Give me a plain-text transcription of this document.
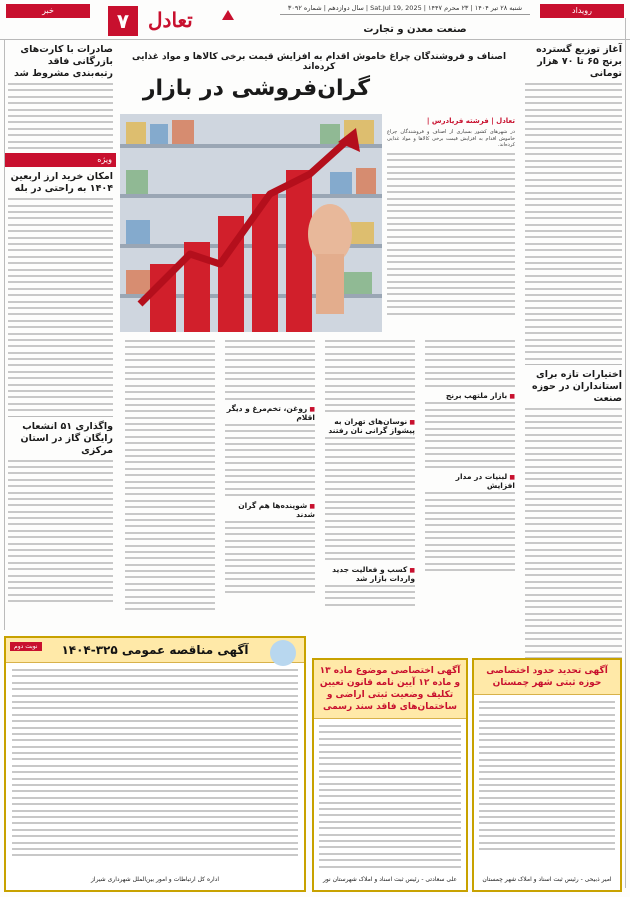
خبر	۷ تعادل	شنبه ۲۸ تیر ۱۴۰۴ | ۲۳ محرم ۱۴۴۷ | Sat.Jul 19, 2025 | سال دوازدهم | شماره ۳۰۹۲
صنعت معدن و تجارت
رویداد
آغاز توزیع گسترده برنج ۶۵ تا ۷۰ هزار تومانی
اختیارات تازه برای استانداران در حوزه صنعت
صادرات با کارت‌های بازرگانی فاقد رتبه‌بندی مشروط شد
ویژه
امکان خرید ارز اربعین ۱۴۰۴ به راحتی در بله
واگذاری ۵۱ انشعاب رایگان گاز در استان مرکزی
اصناف و فروشندگان چراغ خاموش اقدام به افزایش قیمت برخی کالاها و مواد غذایی کرده‌اند
گران‌فروشی در بازار
تعادل | فرشته فریادرس |
در شهرهای کشور بسیاری از اصناف و فروشندگان چراغ خاموش اقدام به افزایش قیمت برخی کالاها و مواد غذایی کرده‌اند.
■ بازار ملتهب برنج
■ لبنیات در مدار افزایش
■ نوسان‌های تهران به پیشواز گرانی نان رفتند
■ کسب و فعالیت جدید واردات بازار شد
■ روغن، تخم‌مرغ و دیگر اقلام
■ شوینده‌ها هم گران شدند
آگهی مناقصه عمومی ۳۲۵-۱۴۰۴
نوبت دوم
اداره کل ارتباطات و امور بین‌الملل شهرداری شیراز
آگهی اختصاصی موضوع ماده ۱۳ و ماده ۱۲ آیین نامه قانون تعیین تکلیف وضعیت ثبتی اراضی و ساختمان‌های فاقد سند رسمی
علی سعادتی - رئیس ثبت اسناد و املاک شهرستان نور
آگهی تحدید حدود اختصاصی حوزه ثبتی شهر چمستان
امیر ذبیحی - رئیس ثبت اسناد و املاک شهر چمستان
